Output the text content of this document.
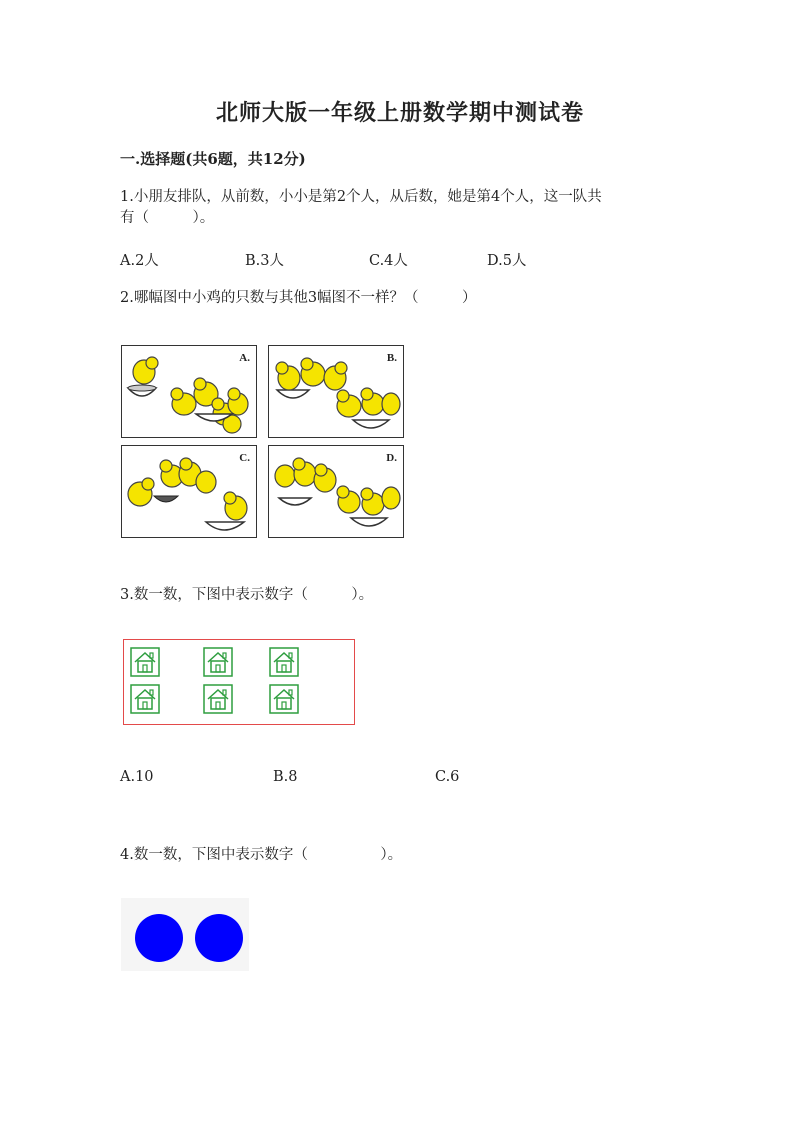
北师大版一年级上册数学期中测试卷
一.选择题(共6题，共12分)
1.小朋友排队，从前数，小小是第2个人，从后数，她是第4个人，这一队共
有（　　　）。
A.2人	B.3人	C.4人	D.5人
2.哪幅图中小鸡的只数与其他3幅图不一样？（　　　）
A.	B.
C.	D.
3.数一数，下图中表示数字（　　　）。
A.10	B.8	C.6
4.数一数，下图中表示数字（　　　　　）。
